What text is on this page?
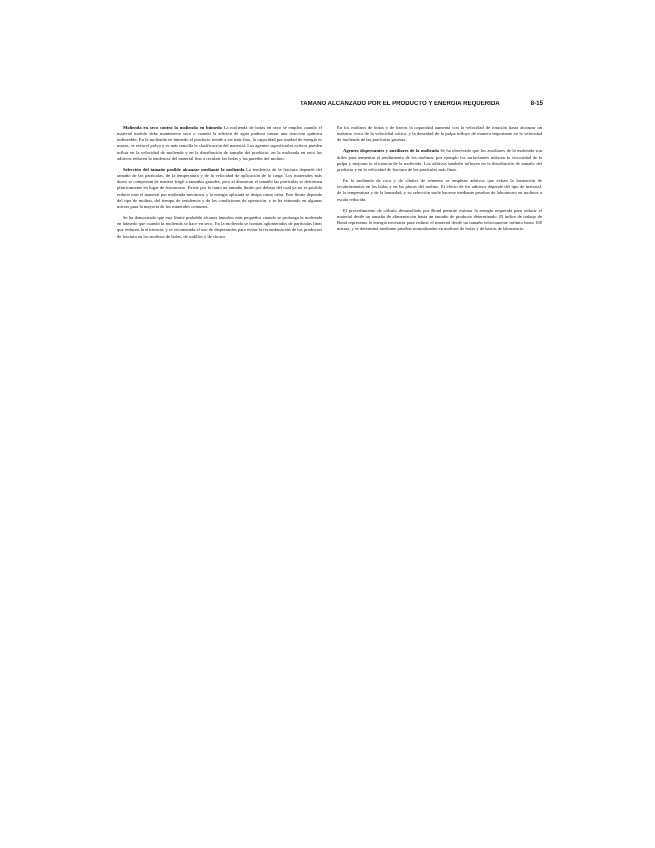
TAMAÑO ALCANZADO POR EL PRODUCTO Y ENERGÍA REQUERIDA	8-15

Molienda en seco contra la molienda en húmedo La molienda de bolas en seco se emplea cuando el material molido debe mantenerse seco o cuando la adición de agua pudiera causar una reacción química indeseable. En la molienda en húmedo el producto tiende a ser más fino, la capacidad por unidad de energía es mayor, se evita el polvo y es más sencilla la clasificación del material. Los agentes superficiales activos pueden influir en la velocidad de molienda y en la distribución de tamaño del producto; en la molienda en seco los aditivos reducen la tendencia del material fino a recubrir las bolas y las paredes del molino.

Selección del tamaño posible alcanzar mediante la molienda La tendencia de la fractura depende del tamaño de las partículas, de la temperatura y de la velocidad de aplicación de la carga. Los materiales más duros se comportan de manera frágil a tamaños grandes, pero al disminuir el tamaño las partículas se deforman plásticamente en lugar de fracturarse. Existe por lo tanto un tamaño límite por debajo del cual ya no es posible reducir más el material por molienda mecánica, y la energía aplicada se disipa como calor. Este límite depende del tipo de molino, del tiempo de residencia y de las condiciones de operación, y se ha estimado en algunas micras para la mayoría de los minerales comunes.

Se ha demostrado que este límite probable alcanza tamaños más pequeños cuando se prolonga la molienda en húmedo que cuando la molienda se hace en seco. En la molienda se forman aglomerados de partículas finas que reducen la eficiencia, y se recomienda el uso de dispersantes para evitar la recombinación de los productos de fractura en los molinos de bolas, de rodillos y de chorro.

En los molinos de bolas y de barras la capacidad aumenta con la velocidad de rotación hasta alcanzar un máximo cerca de la velocidad crítica, y la densidad de la pulpa influye de manera importante en la velocidad de molienda de las partículas gruesas.

Agentes dispersantes y auxiliares de la molienda Se ha observado que los auxiliares de la molienda son útiles para aumentar el rendimiento de los molinos; por ejemplo los surfactantes reducen la viscosidad de la pulpa y mejoran la eficiencia de la molienda. Los aditivos también influyen en la distribución de tamaño del producto y en la velocidad de fractura de las partículas más finas.

En la molienda de roca y de clínker de cemento se emplean aditivos que evitan la formación de recubrimientos en las bolas y en las placas del molino. El efecto de los aditivos depende del tipo de material, de la temperatura y de la humedad, y su selección suele hacerse mediante pruebas de laboratorio en molinos a escala reducida.

El procedimiento de cálculo desarrollado por Bond permite estimar la energía requerida para reducir el material desde un tamaño de alimentación hasta un tamaño de producto determinado. El índice de trabajo de Bond representa la energía necesaria para reducir el material desde un tamaño teóricamente infinito hasta 100 micras, y se determina mediante pruebas normalizadas en molinos de bolas y de barras de laboratorio.
